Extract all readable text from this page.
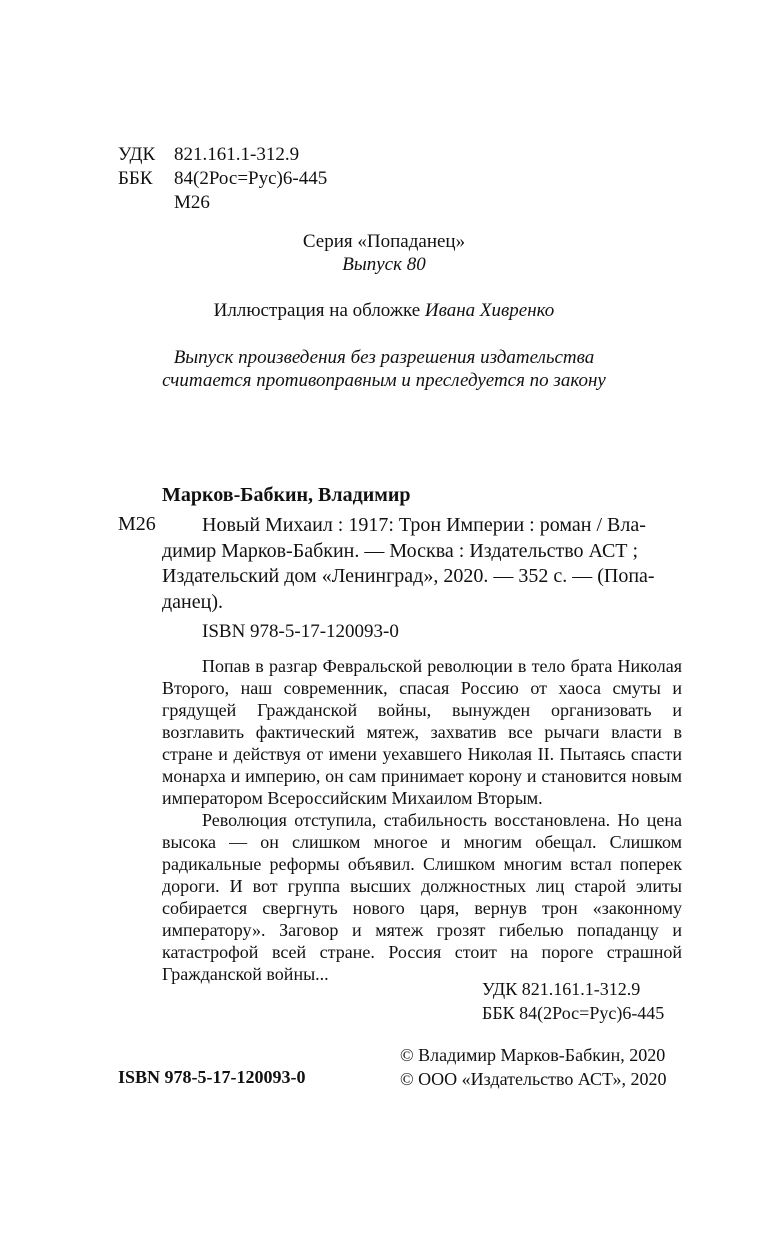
УДК 821.161.1-312.9
ББК 84(2Рос=Рус)6-445
М26
Серия «Попаданец»
Выпуск 80
Иллюстрация на обложке Ивана Хивренко
Выпуск произведения без разрешения издательства
считается противоправным и преследуется по закону
Марков-Бабкин, Владимир
М26 Новый Михаил : 1917: Трон Империи : роман / Вла-
димир Марков-Бабкин. — Москва : Издательство АСТ ;
Издательский дом «Ленинград», 2020. — 352 с. — (Попа-
данец).
ISBN 978-5-17-120093-0

Попав в разгар Февральской революции в тело брата Николая Второго, наш современник, спасая Россию от хаоса смуты и грядущей Гражданской войны, вынужден организовать и возглавить фактический мятеж, захватив все рычаги власти в стране и действуя от имени уехавшего Николая II. Пытаясь спасти монарха и империю, он сам принимает корону и становится новым императором Всероссийским Михаилом Вторым.

Революция отступила, стабильность восстановлена. Но цена высока — он слишком многое и многим обещал. Слишком радикальные реформы объявил. Слишком многим встал поперек дороги. И вот группа высших должностных лиц старой элиты собирается свергнуть нового царя, вернув трон «законному императору». Заговор и мятеж грозят гибелью попаданцу и катастрофой всей стране. Россия стоит на пороге страшной Гражданской войны...

УДК 821.161.1-312.9
ББК 84(2Рос=Рус)6-445
© Владимир Марков-Бабкин, 2020
© ООО «Издательство АСТ», 2020
ISBN 978-5-17-120093-0
